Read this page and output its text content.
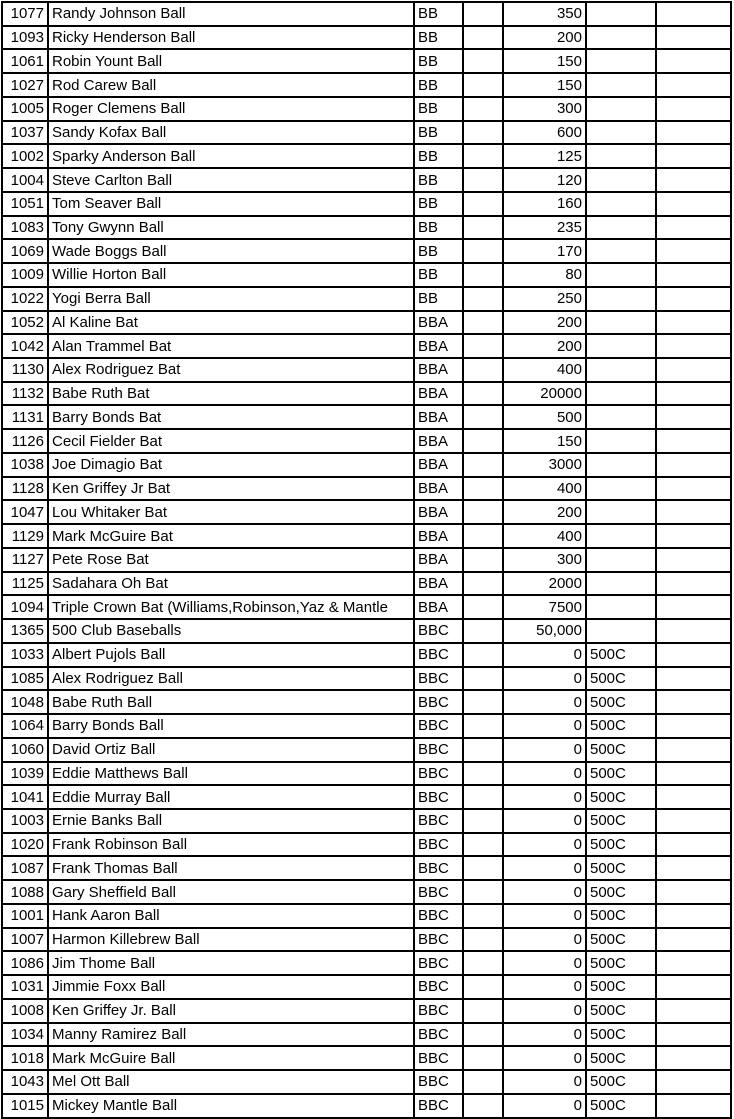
1077	Randy Johnson Ball	BB		350		
1093	Ricky Henderson Ball	BB		200		
1061	Robin Yount Ball	BB		150		
1027	Rod Carew Ball	BB		150		
1005	Roger Clemens Ball	BB		300		
1037	Sandy Kofax Ball	BB		600		
1002	Sparky Anderson Ball	BB		125		
1004	Steve Carlton Ball	BB		120		
1051	Tom Seaver Ball	BB		160		
1083	Tony Gwynn Ball	BB		235		
1069	Wade Boggs Ball	BB		170		
1009	Willie Horton Ball	BB		80		
1022	Yogi Berra Ball	BB		250		
1052	Al Kaline Bat	BBA		200		
1042	Alan Trammel Bat	BBA		200		
1130	Alex Rodriguez Bat	BBA		400		
1132	Babe Ruth Bat	BBA		20000		
1131	Barry Bonds Bat	BBA		500		
1126	Cecil Fielder Bat	BBA		150		
1038	Joe Dimagio Bat	BBA		3000		
1128	Ken Griffey Jr Bat	BBA		400		
1047	Lou Whitaker Bat	BBA		200		
1129	Mark McGuire Bat	BBA		400		
1127	Pete Rose Bat	BBA		300		
1125	Sadahara Oh Bat	BBA		2000		
1094	Triple Crown Bat (Williams,Robinson,Yaz & Mantle	BBA		7500		
1365	500 Club Baseballs	BBC		50,000		
1033	Albert Pujols Ball	BBC		0	500C	
1085	Alex Rodriguez Ball	BBC		0	500C	
1048	Babe Ruth Ball	BBC		0	500C	
1064	Barry Bonds Ball	BBC		0	500C	
1060	David Ortiz Ball	BBC		0	500C	
1039	Eddie Matthews Ball	BBC		0	500C	
1041	Eddie Murray Ball	BBC		0	500C	
1003	Ernie Banks Ball	BBC		0	500C	
1020	Frank Robinson Ball	BBC		0	500C	
1087	Frank Thomas Ball	BBC		0	500C	
1088	Gary Sheffield Ball	BBC		0	500C	
1001	Hank Aaron Ball	BBC		0	500C	
1007	Harmon Killebrew Ball	BBC		0	500C	
1086	Jim Thome Ball	BBC		0	500C	
1031	Jimmie Foxx Ball	BBC		0	500C	
1008	Ken Griffey Jr. Ball	BBC		0	500C	
1034	Manny Ramirez Ball	BBC		0	500C	
1018	Mark McGuire Ball	BBC		0	500C	
1043	Mel Ott Ball	BBC		0	500C	
1015	Mickey Mantle Ball	BBC		0	500C	
